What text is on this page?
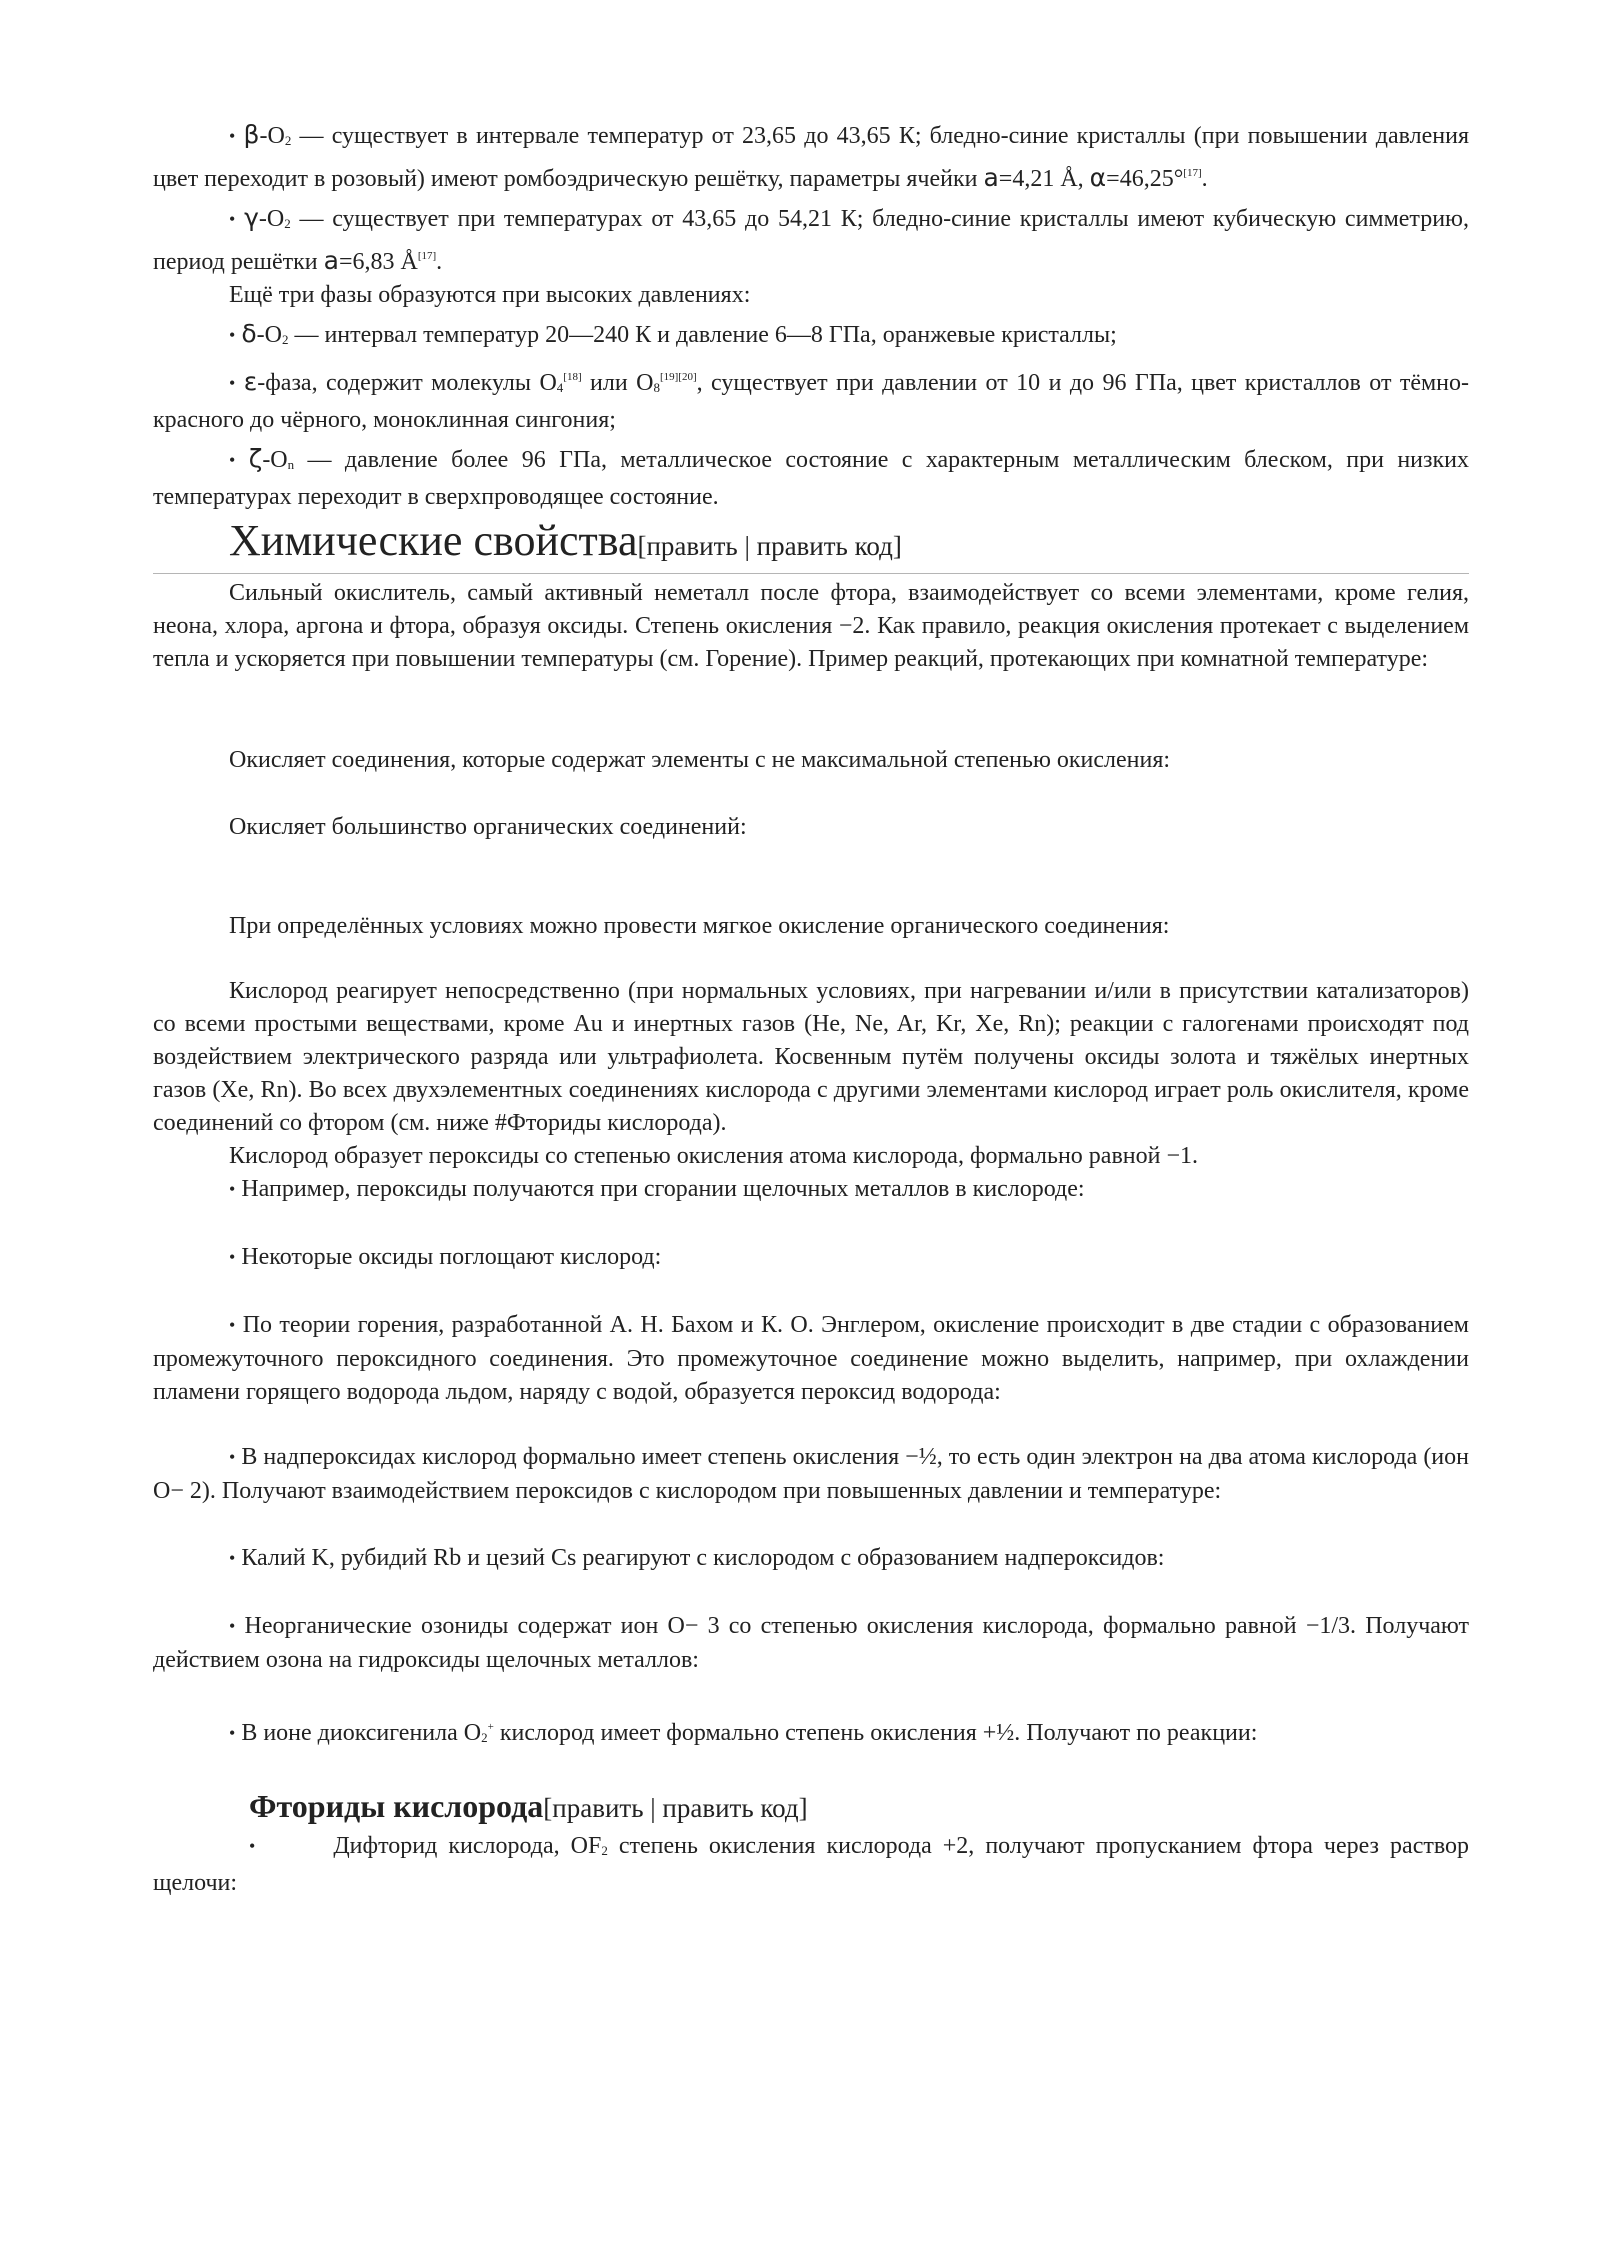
• β-O2 — существует в интервале температур от 23,65 до 43,65 К; бледно-синие кристаллы (при повышении давления цвет переходит в розовый) имеют ромбоэдрическую решётку, параметры ячейки a=4,21 Å, α=46,25°[17].

• γ-O2 — существует при температурах от 43,65 до 54,21 К; бледно-синие кристаллы имеют кубическую симметрию, период решётки a=6,83 Å[17].

Ещё три фазы образуются при высоких давлениях:

• δ-O2 — интервал температур 20—240 К и давление 6—8 ГПа, оранжевые кристаллы;

• ε-фаза, содержит молекулы O4[18] или O8[19][20], существует при давлении от 10 и до 96 ГПа, цвет кристаллов от тёмно-красного до чёрного, моноклинная сингония;

• ζ-On — давление более 96 ГПа, металлическое состояние с характерным металлическим блеском, при низких температурах переходит в сверхпроводящее состояние.

Химические свойства[править | править код]

Сильный окислитель, самый активный неметалл после фтора, взаимодействует со всеми элементами, кроме гелия, неона, хлора, аргона и фтора, образуя оксиды. Степень окисления −2. Как правило, реакция окисления протекает с выделением тепла и ускоряется при повышении температуры (см. Горение). Пример реакций, протекающих при комнатной температуре:

Окисляет соединения, которые содержат элементы с не максимальной степенью окисления:

Окисляет большинство органических соединений:

При определённых условиях можно провести мягкое окисление органического соединения:

Кислород реагирует непосредственно (при нормальных условиях, при нагревании и/или в присутствии катализаторов) со всеми простыми веществами, кроме Au и инертных газов (He, Ne, Ar, Kr, Xe, Rn); реакции с галогенами происходят под воздействием электрического разряда или ультрафиолета. Косвенным путём получены оксиды золота и тяжёлых инертных газов (Xe, Rn). Во всех двухэлементных соединениях кислорода с другими элементами кислород играет роль окислителя, кроме соединений со фтором (см. ниже #Фториды кислорода).

Кислород образует пероксиды со степенью окисления атома кислорода, формально равной −1.

• Например, пероксиды получаются при сгорании щелочных металлов в кислороде:

• Некоторые оксиды поглощают кислород:

• По теории горения, разработанной А. Н. Бахом и К. О. Энглером, окисление происходит в две стадии с образованием промежуточного пероксидного соединения. Это промежуточное соединение можно выделить, например, при охлаждении пламени горящего водорода льдом, наряду с водой, образуется пероксид водорода:

• В надпероксидах кислород формально имеет степень окисления −½, то есть один электрон на два атома кислорода (ион O− 2). Получают взаимодействием пероксидов с кислородом при повышенных давлении и температуре:

• Калий K, рубидий Rb и цезий Cs реагируют с кислородом с образованием надпероксидов:

• Неорганические озониды содержат ион O− 3 со степенью окисления кислорода, формально равной −1/3. Получают действием озона на гидроксиды щелочных металлов:

• В ионе диоксигенила O2+ кислород имеет формально степень окисления +½. Получают по реакции:

Фториды кислорода[править | править код]

•	Дифторид кислорода, OF2 степень окисления кислорода +2, получают пропусканием фтора через раствор щелочи:
